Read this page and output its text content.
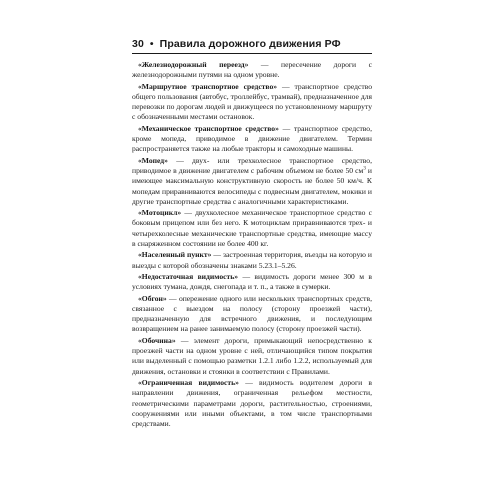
30 • Правила дорожного движения РФ

«Железнодорожный переезд» — пересечение дороги с железнодорожными путями на одном уровне.

«Маршрутное транспортное средство» — транспортное средство общего пользования (автобус, троллейбус, трамвай), предназначенное для перевозки по дорогам людей и движущееся по установленному маршруту с обозначенными местами остановок.

«Механическое транспортное средство» — транспортное средство, кроме мопеда, приводимое в движение двигателем. Термин распространяется также на любые тракторы и самоходные машины.

«Мопед» — двух- или трехколесное транспортное средство, приводимое в движение двигателем с рабочим объемом не более 50 $см^3$ и имеющее максимальную конструктивную скорость не более 50 км/ч. К мопедам приравниваются велосипеды с подвесным двигателем, мокики и другие транспортные средства с аналогичными характеристиками.

«Мотоцикл» — двухколесное механическое транспортное средство с боковым прицепом или без него. К мотоциклам приравниваются трех- и четырехколесные механические транспортные средства, имеющие массу в снаряженном состоянии не более 400 кг.

«Населенный пункт» — застроенная территория, въезды на которую и выезды с которой обозначены знаками 5.23.1–5.26.

«Недостаточная видимость» — видимость дороги менее 300 м в условиях тумана, дождя, снегопада и т. п., а также в сумерки.

«Обгон» — опережение одного или нескольких транспортных средств, связанное с выездом на полосу (сторону проезжей части), предназначенную для встречного движения, и последующим возвращением на ранее занимаемую полосу (сторону проезжей части).

«Обочина» — элемент дороги, примыкающий непосредственно к проезжей части на одном уровне с ней, отличающийся типом покрытия или выделенный с помощью разметки 1.2.1 либо 1.2.2, используемый для движения, остановки и стоянки в соответствии с Правилами.

«Ограниченная видимость» — видимость водителем дороги в направлении движения, ограниченная рельефом местности, геометрическими параметрами дороги, растительностью, строениями, сооружениями или иными объектами, в том числе транспортными средствами.
